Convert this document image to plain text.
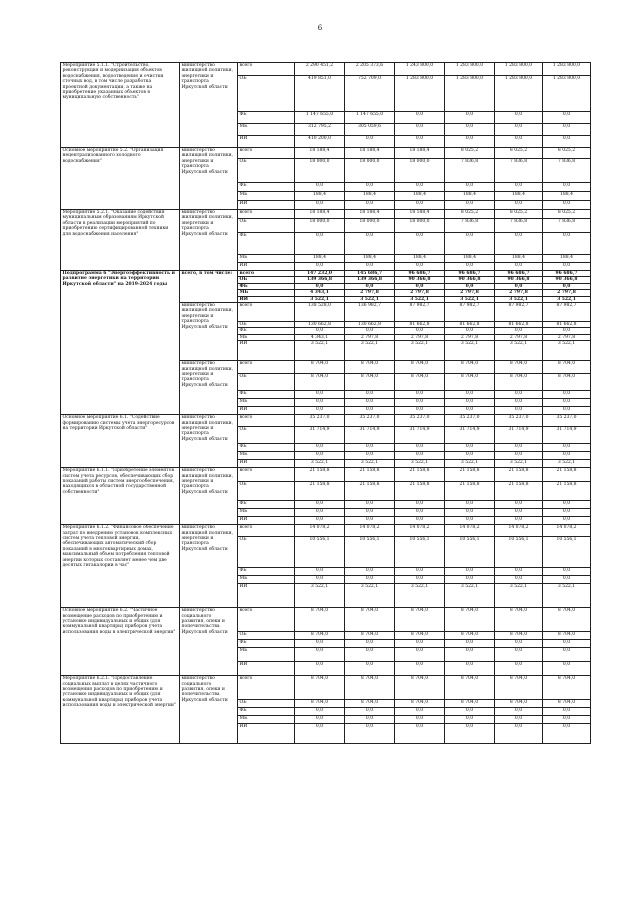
6
Мероприятие 5.1.1. "Строительство, реконструкция и модернизация объектов водоснабжения, водоотведения и очистки сточных вод, в том числе разработка проектной документации, а также на приобретение указанных объектов в муниципальную собственность"	министерство жилищной политики, энергетики и транспорта Иркутской области	всего	2 290 451,2	2 205 373,6	1 243 800,0	1 283 800,0	1 283 800,0	1 283 800,0
		ОБ	419 851,0	752 709,0	1 283 800,0	1 283 800,0	1 283 800,0	1 283 800,0
		ФБ	1 147 655,0	1 147 655,0	0,0	0,0	0,0	0,0
		МБ	312 795,2	305 059,6	0,0	0,0	0,0	0,0
		ИИ	410 200,0	0,0	0,0	0,0	0,0	0,0
Основное мероприятие 5.2. "Организация нецентрализованного холодного водоснабжения"	министерство жилищной политики, энергетики и транспорта Иркутской области	всего	18 188,4	18 188,4	18 188,4	8 025,2	8 025,2	8 025,2
		ОБ	18 000,0	18 000,0	18 000,0	7 836,8	7 836,8	7 836,8
		ФБ	0,0	0,0	0,0	0,0	0,0	0,0
		МБ	188,4	188,4	188,4	188,4	188,4	188,4
		ИИ	0,0	0,0	0,0	0,0	0,0	0,0
Мероприятие 5.2.1. "Оказание содействия муниципальным образованиям Иркутской области в реализации мероприятий по приобретению сертифицированной техники для водоснабжения населения"	министерство жилищной политики, энергетики и транспорта Иркутской области	всего	18 188,4	18 188,4	18 188,4	8 025,2	8 025,2	8 025,2
		ОБ	18 000,0	18 000,0	18 000,0	7 836,8	7 836,8	7 836,8
		ФБ	0,0	0,0	0,0	0,0	0,0	0,0
		МБ	188,4	188,4	188,4	188,4	188,4	188,4
		ИИ	0,0	0,0	0,0	0,0	0,0	0,0
Подпрограмма 6 "Энергоэффективность и развитие энергетики на территории Иркутской области" на 2019-2024 годы	всего, в том числе:	всего	147 232,0	145 686,7	96 686,7	96 686,7	96 686,7	96 686,7
		ОБ	139 366,8	139 366,8	90 366,8	90 366,8	90 366,8	90 366,8
		ФБ	0,0	0,0	0,0	0,0	0,0	0,0
		МБ	4 343,1	2 797,8	2 797,8	2 797,8	2 797,8	2 797,8
		ИИ	3 522,1	3 522,1	3 522,1	3 522,1	3 522,1	3 522,1
	министерство жилищной политики, энергетики и транспорта Иркутской области	всего	138 528,0	136 982,7	87 982,7	87 982,7	87 982,7	87 982,7
		ОБ	130 662,8	130 662,8	81 662,8	81 662,8	81 662,8	81 662,8
		ФБ	0,0	0,0	0,0	0,0	0,0	0,0
		МБ	4 343,1	2 797,8	2 797,8	2 797,8	2 797,8	2 797,8
		ИИ	3 522,1	3 522,1	3 522,1	3 522,1	3 522,1	3 522,1
	министерство жилищной политики, энергетики и транспорта Иркутской области	всего	8 704,0	8 704,0	8 704,0	8 704,0	8 704,0	8 704,0
		ОБ	8 704,0	8 704,0	8 704,0	8 704,0	8 704,0	8 704,0
		ФБ	0,0	0,0	0,0	0,0	0,0	0,0
		МБ	0,0	0,0	0,0	0,0	0,0	0,0
		ИИ	0,0	0,0	0,0	0,0	0,0	0,0
Основное мероприятие 6.1. "Содействие формированию системы учета энергоресурсов на территории Иркутской области"	министерство жилищной политики, энергетики и транспорта Иркутской области	всего	35 237,0	35 237,0	35 237,0	35 237,0	35 237,0	35 237,0
		ОБ	31 714,9	31 714,9	31 714,9	31 714,9	31 714,9	31 714,9
		ФБ	0,0	0,0	0,0	0,0	0,0	0,0
		МБ	0,0	0,0	0,0	0,0	0,0	0,0
		ИИ	3 522,1	3 522,1	3 522,1	3 522,1	3 522,1	3 522,1
Мероприятие 6.1.1. "Приобретение элементов систем учета ресурсов, обеспечивающих сбор показаний работы систем энергообеспечения, находящихся в областной государственной собственности"	министерство жилищной политики, энергетики и транспорта Иркутской области	всего	21 158,8	21 158,8	21 158,8	21 158,8	21 158,8	21 158,8
		ОБ	21 158,8	21 158,8	21 158,8	21 158,8	21 158,8	21 158,8
		ФБ	0,0	0,0	0,0	0,0	0,0	0,0
		МБ	0,0	0,0	0,0	0,0	0,0	0,0
		ИИ	0,0	0,0	0,0	0,0	0,0	0,0
Мероприятие 6.1.2. "Финансовое обеспечение затрат по внедрению установок комплексных систем учета тепловой энергии, обеспечивающих автоматический сбор показаний в многоквартирных домах, максимальный объем потребления тепловой энергии которых составляет менее чем две десятых гигакалории в час"	министерство жилищной политики, энергетики и транспорта Иркутской области	всего	14 078,2	14 078,2	14 078,2	14 078,2	14 078,2	14 078,2
		ОБ	10 556,1	10 556,1	10 556,1	10 556,1	10 556,1	10 556,1
		ФБ	0,0	0,0	0,0	0,0	0,0	0,0
		МБ	0,0	0,0	0,0	0,0	0,0	0,0
		ИИ	3 522,1	3 522,1	3 522,1	3 522,1	3 522,1	3 522,1
Основное мероприятие 6.2. "Частичное возмещение расходов по приобретению и установке индивидуальных и общих (для коммунальной квартиры) приборов учета использования воды в электрической энергии"	министерство социального развития, опеки и попечительства Иркутской области	всего	8 704,0	8 704,0	8 704,0	8 704,0	8 704,0	8 704,0
		ОБ	8 704,0	8 704,0	8 704,0	8 704,0	8 704,0	8 704,0
		ФБ	0,0	0,0	0,0	0,0	0,0	0,0
		МБ	0,0	0,0	0,0	0,0	0,0	0,0
		ИИ	0,0	0,0	0,0	0,0	0,0	0,0
Мероприятие 6.2.1. "Предоставление социальных выплат в целях частичного возмещения расходов по приобретению и установке индивидуальных и общих (для коммунальной квартиры) приборов учета использования воды и электрической энергии"	министерство социального развития, опеки и попечительства Иркутской области	всего	8 704,0	8 704,0	8 704,0	8 704,0	8 704,0	8 704,0
		ОБ	8 704,0	8 704,0	8 704,0	8 704,0	8 704,0	8 704,0
		ФБ	0,0	0,0	0,0	0,0	0,0	0,0
		МБ	0,0	0,0	0,0	0,0	0,0	0,0
		ИИ	0,0	0,0	0,0	0,0	0,0	0,0
